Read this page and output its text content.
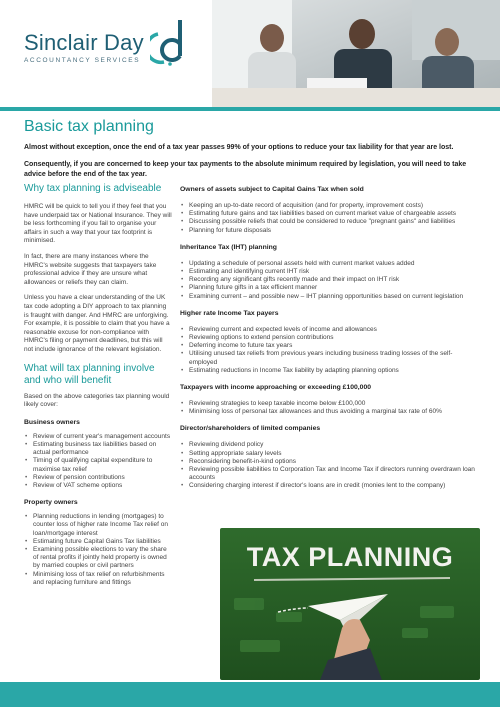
Sinclair Day
ACCOUNTANCY SERVICES
Basic tax planning
Almost without exception, once the end of a tax year passes 99% of your options to reduce your tax liability for that year are lost.
Consequently, if you are concerned to keep your tax payments to the absolute minimum required by legislation, you will need to take advice before the end of the tax year.
Why tax planning is adviseable
HMRC will be quick to tell you if they feel that you have underpaid tax or National Insurance. They will be less forthcoming if you fail to organise your affairs in such a way that your tax footprint is minimised.
In fact, there are many instances where the HMRC's website suggests that taxpayers take professional advice if they are unsure what allowances or reliefs they can claim.
Unless you have a clear understanding of the UK tax code adopting a DIY approach to tax planning is fraught with danger. And HMRC are unforgiving. For example, it is possible to claim that you have a reasonable excuse for non-compliance with HMRC's filing or payment deadlines, but this will not include ignorance of the relevant legislation.
What will tax planning involve and who will benefit
Based on the above categories tax planning would likely cover:
Business owners
• Review of current year's management accounts
• Estimating business tax liabilities based on actual performance
• Timing of qualifying capital expenditure to maximise tax relief
• Review of pension contributions
• Review of VAT scheme options
Property owners
• Planning reductions in lending (mortgages) to counter loss of higher rate Income Tax relief on loan/mortgage interest
• Estimating future Capital Gains Tax liabilities
• Examining possible elections to vary the share of rental profits if jointly held property is owned by married couples or civil partners
• Minimising loss of tax relief on refurbishments and replacing furniture and fittings
Owners of assets subject to Capital Gains Tax when sold
• Keeping an up-to-date record of acquisition (and for property, improvement costs)
• Estimating future gains and tax liabilities based on current market value of chargeable assets
• Discussing possible reliefs that could be considered to reduce "pregnant gains" and liabilities
• Planning for future disposals
Inheritance Tax (IHT) planning
• Updating a schedule of personal assets held with current market values added
• Estimating and identifying current IHT risk
• Recording any significant gifts recently made and their impact on IHT risk
• Planning future gifts in a tax efficient manner
• Examining current – and possible new – IHT planning opportunities based on current legislation
Higher rate Income Tax payers
• Reviewing current and expected levels of income and allowances
• Reviewing options to extend pension contributions
• Deferring income to future tax years
• Utilising unused tax reliefs from previous years including business trading losses of the self-employed
• Estimating reductions in Income Tax liability by adapting planning options
Taxpayers with income approaching or exceeding £100,000
• Reviewing strategies to keep taxable income below £100,000
• Minimising loss of personal tax allowances and thus avoiding a marginal tax rate of 60%
Director/shareholders of limited companies
• Reviewing dividend policy
• Setting appropriate salary levels
• Reconsidering benefit-in-kind options
• Reviewing possible liabilities to Corporation Tax and Income Tax if directors running overdrawn loan accounts
• Considering charging interest if director's loans are in credit (monies lent to the company)
TAX PLANNING
